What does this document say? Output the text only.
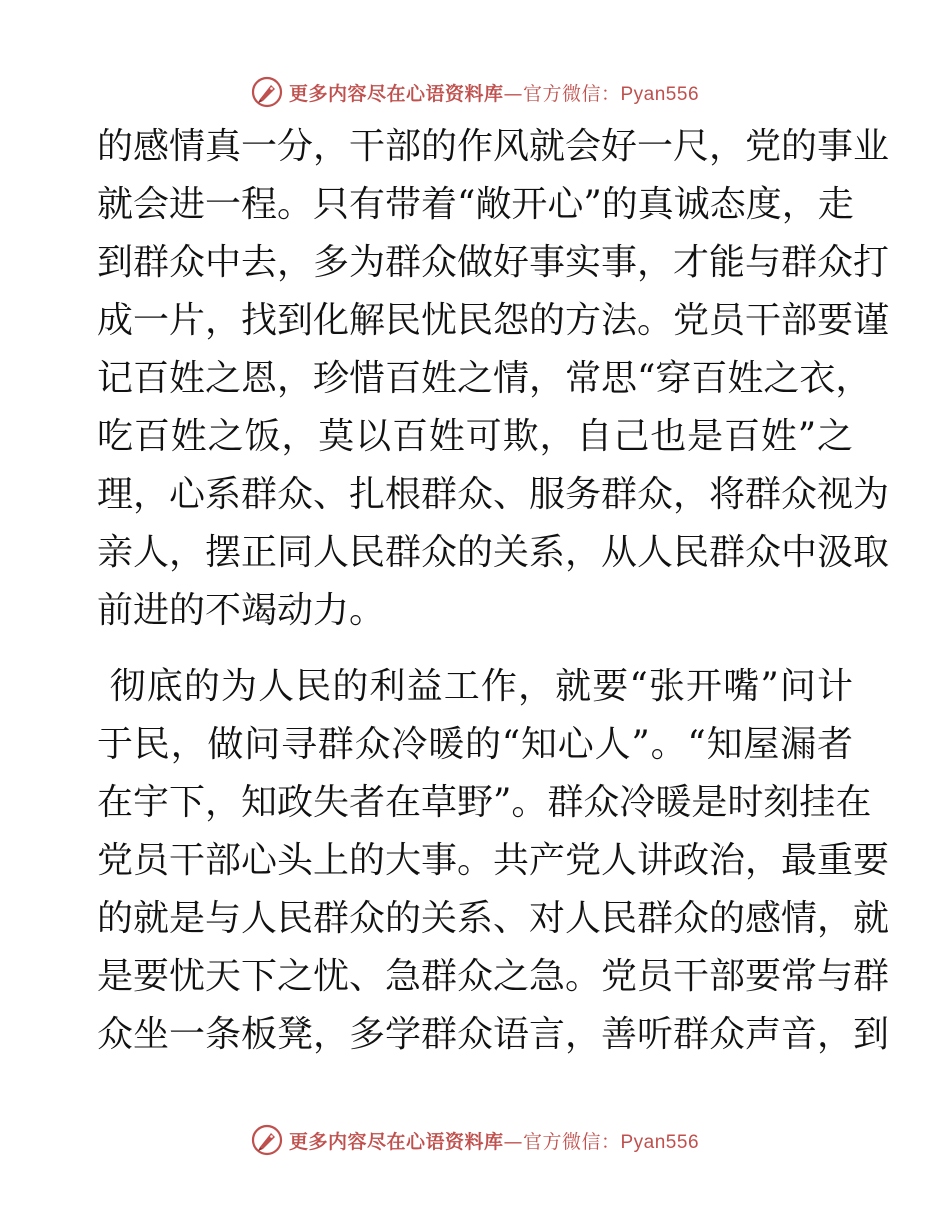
更多内容尽在心语资料库—官方微信：Pyan556
的感情真一分，干部的作风就会好一尺，党的事业
就会进一程。只有带着“敞开心”的真诚态度，走
到群众中去，多为群众做好事实事，才能与群众打
成一片，找到化解民忧民怨的方法。党员干部要谨
记百姓之恩，珍惜百姓之情，常思“穿百姓之衣，
吃百姓之饭，莫以百姓可欺，自己也是百姓”之
理，心系群众、扎根群众、服务群众，将群众视为
亲人，摆正同人民群众的关系，从人民群众中汲取
前进的不竭动力。
彻底的为人民的利益工作，就要“张开嘴”问计
于民，做问寻群众冷暖的“知心人”。“知屋漏者
在宇下，知政失者在草野”。群众冷暖是时刻挂在
党员干部心头上的大事。共产党人讲政治，最重要
的就是与人民群众的关系、对人民群众的感情，就
是要忧天下之忧、急群众之急。党员干部要常与群
众坐一条板凳，多学群众语言，善听群众声音，到
更多内容尽在心语资料库—官方微信：Pyan556
